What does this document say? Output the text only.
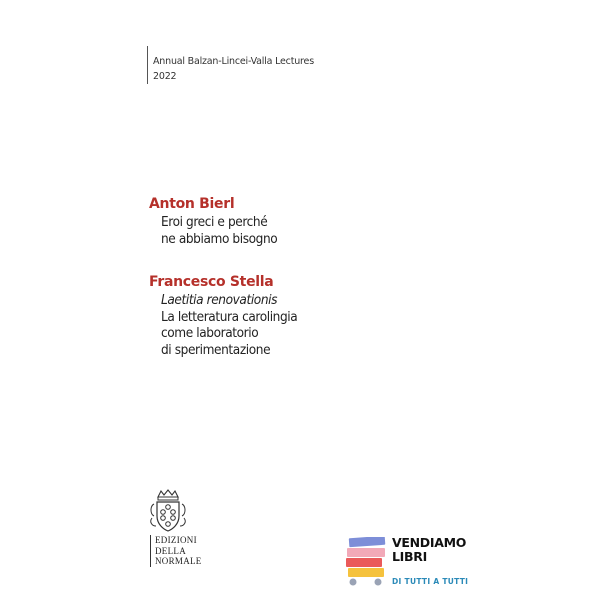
Annual Balzan-Lincei-Valla Lectures
2022
Anton Bierl
Eroi greci e perché
ne abbiamo bisogno
Francesco Stella
Laetitia renovationis
La letteratura carolingia
come laboratorio
di sperimentazione
EDIZIONI
DELLA
NORMALE
VENDIAMO
LIBRI
DI TUTTI A TUTTI
